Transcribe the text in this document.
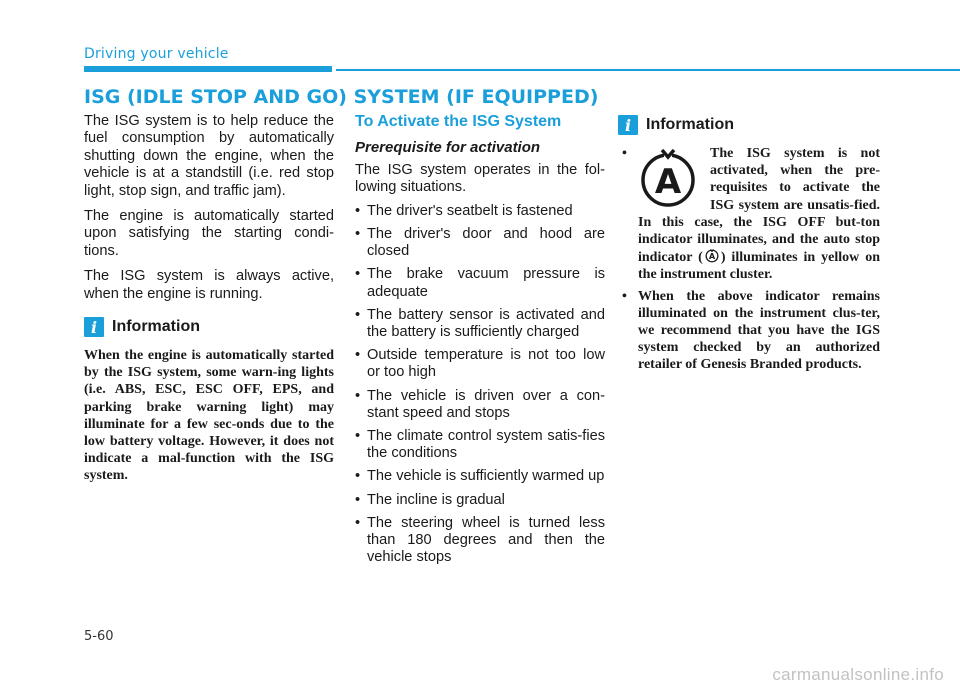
Driving your vehicle
ISG (IDLE STOP AND GO) SYSTEM (IF EQUIPPED)

The ISG system is to help reduce the fuel consumption by automatically shutting down the engine, when the vehicle is at a standstill (i.e. red stop light, stop sign, and traffic jam).

The engine is automatically started upon satisfying the starting condi-tions.

The ISG system is always active, when the engine is running.

i Information

When the engine is automatically started by the ISG system, some warn-ing lights (i.e. ABS, ESC, ESC OFF, EPS, and parking brake warning light) may illuminate for a few sec-onds due to the low battery voltage. However, it does not indicate a mal-function with the ISG system.

To Activate the ISG System
Prerequisite for activation

The ISG system operates in the fol-lowing situations.

• The driver's seatbelt is fastened
• The driver's door and hood are closed
• The brake vacuum pressure is adequate
• The battery sensor is activated and the battery is sufficiently charged
• Outside temperature is not too low or too high
• The vehicle is driven over a con-stant speed and stops
• The climate control system satis-fies the conditions
• The vehicle is sufficiently warmed up
• The incline is gradual
• The steering wheel is turned less than 180 degrees and then the vehicle stops
i Information
• A
The ISG system is not activated, when the pre-requisites to activate the ISG system are unsatis-fied. In this case, the ISG OFF but-ton indicator illuminates, and the auto stop indicator ( A ) illuminates in yellow on the instrument cluster.
• When the above indicator remains illuminated on the instrument clus-ter, we recommend that you have the IGS system checked by an authorized retailer of Genesis Branded products.
5-60
carmanualsonline.info
